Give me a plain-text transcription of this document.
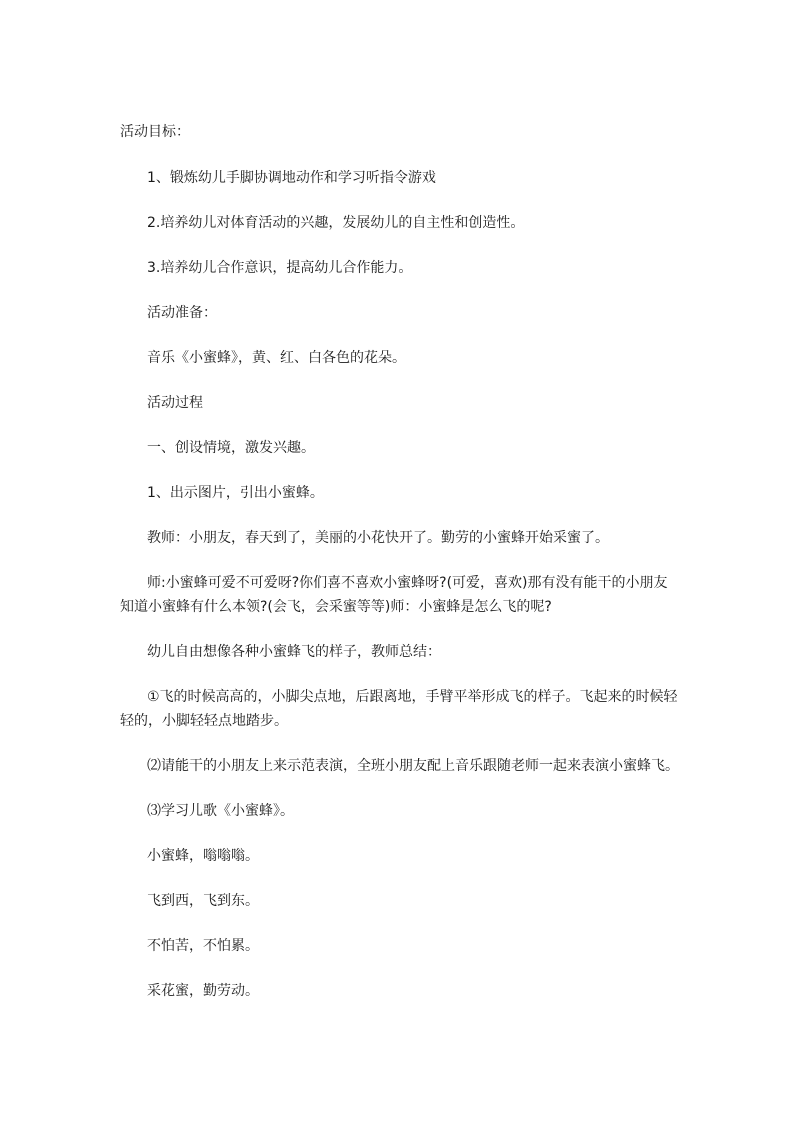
活动目标：
1、锻炼幼儿手脚协调地动作和学习听指令游戏
2.培养幼儿对体育活动的兴趣，发展幼儿的自主性和创造性。
3.培养幼儿合作意识，提高幼儿合作能力。
活动准备：
音乐《小蜜蜂》，黄、红、白各色的花朵。
活动过程
一、创设情境，激发兴趣。
1、出示图片，引出小蜜蜂。
教师：小朋友，春天到了，美丽的小花快开了。勤劳的小蜜蜂开始采蜜了。
师:小蜜蜂可爱不可爱呀?你们喜不喜欢小蜜蜂呀?(可爱，喜欢)那有没有能干的小朋友
知道小蜜蜂有什么本领?(会飞，会采蜜等等)师：小蜜蜂是怎么飞的呢?
幼儿自由想像各种小蜜蜂飞的样子，教师总结：
①飞的时候高高的，小脚尖点地，后跟离地，手臂平举形成飞的样子。飞起来的时候轻
轻的，小脚轻轻点地踏步。
⑵请能干的小朋友上来示范表演，全班小朋友配上音乐跟随老师一起来表演小蜜蜂飞。
⑶学习儿歌《小蜜蜂》。
小蜜蜂，嗡嗡嗡。
飞到西，飞到东。
不怕苦，不怕累。
采花蜜，勤劳动。
